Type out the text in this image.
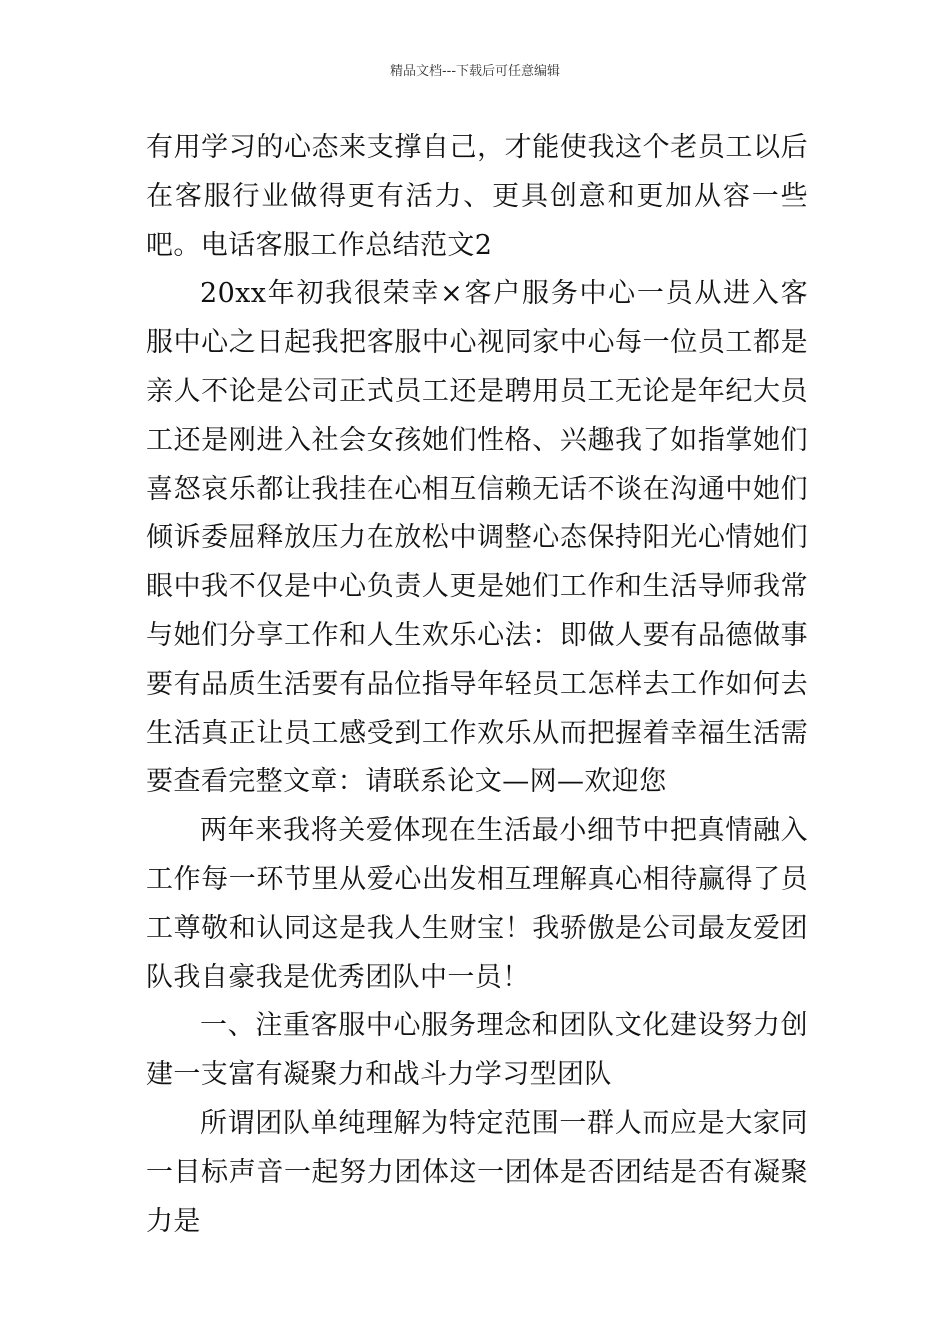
精品文档---下载后可任意编辑

有用学习的心态来支撑自己，才能使我这个老员工以后在客服行业做得更有活力、更具创意和更加从容一些吧。电话客服工作总结范文2

20xx年初我很荣幸×客户服务中心一员从进入客服中心之日起我把客服中心视同家中心每一位员工都是亲人不论是公司正式员工还是聘用员工无论是年纪大员工还是刚进入社会女孩她们性格、兴趣我了如指掌她们喜怒哀乐都让我挂在心相互信赖无话不谈在沟通中她们倾诉委屈释放压力在放松中调整心态保持阳光心情她们眼中我不仅是中心负责人更是她们工作和生活导师我常与她们分享工作和人生欢乐心法：即做人要有品德做事要有品质生活要有品位指导年轻员工怎样去工作如何去生活真正让员工感受到工作欢乐从而把握着幸福生活需要查看完整文章：请联系论文—网—欢迎您

两年来我将关爱体现在生活最小细节中把真情融入工作每一环节里从爱心出发相互理解真心相待赢得了员工尊敬和认同这是我人生财宝！我骄傲是公司最友爱团队我自豪我是优秀团队中一员！

一、注重客服中心服务理念和团队文化建设努力创建一支富有凝聚力和战斗力学习型团队

所谓团队单纯理解为特定范围一群人而应是大家同一目标声音一起努力团体这一团体是否团结是否有凝聚力是
